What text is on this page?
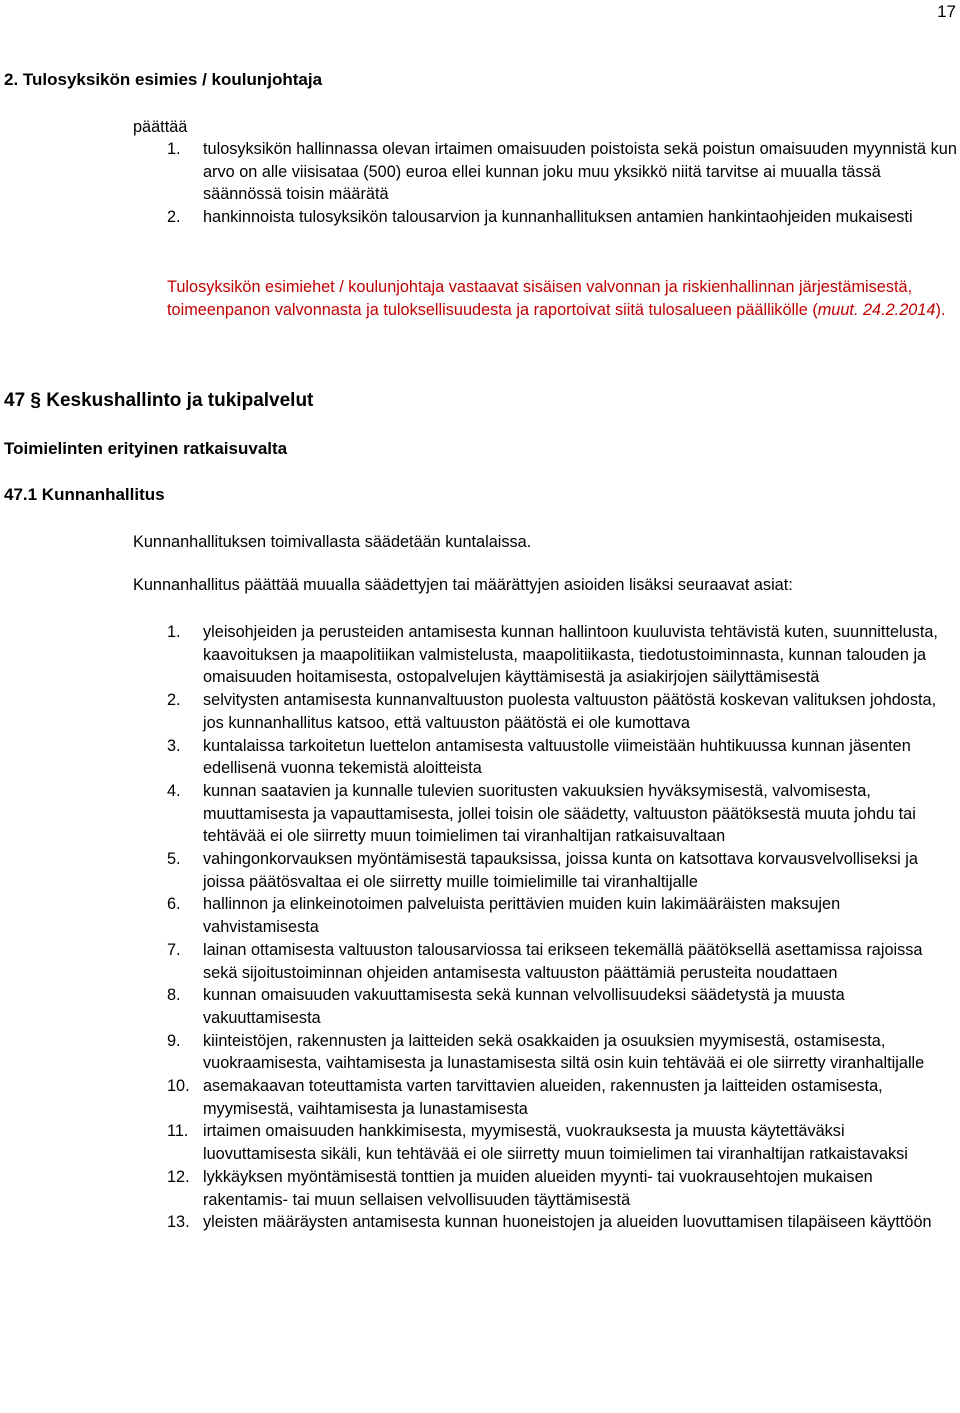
17
2. Tulosyksikön esimies / koulunjohtaja
päättää
1. tulosyksikön hallinnassa olevan irtaimen omaisuuden poistoista sekä poistun omaisuuden myynnistä kun arvo on alle viisisataa (500) euroa ellei kunnan joku muu yksikkö niitä tarvitse ai muualla tässä säännössä toisin määrätä
2. hankinnoista tulosyksikön talousarvion ja kunnanhallituksen antamien hankintaohjeiden mukaisesti
Tulosyksikön esimiehet / koulunjohtaja vastaavat sisäisen valvonnan ja riskienhallinnan järjestämisestä, toimeenpanon valvonnasta ja tuloksellisuudesta ja raportoivat siitä tulosalueen päällikölle (muut. 24.2.2014).
47 § Keskushallinto ja tukipalvelut
Toimielinten erityinen ratkaisuvalta
47.1 Kunnanhallitus
Kunnanhallituksen toimivallasta säädetään kuntalaissa.
Kunnanhallitus päättää muualla säädettyjen tai määrättyjen asioiden lisäksi seuraavat asiat:
1. yleisohjeiden ja perusteiden antamisesta kunnan hallintoon kuuluvista tehtävistä kuten, suunnittelusta, kaavoituksen ja maapolitiikan valmistelusta, maapolitiikasta, tiedotustoiminnasta, kunnan talouden ja omaisuuden hoitamisesta, ostopalvelujen käyttämisestä ja asiakirjojen säilyttämisestä
2. selvitysten antamisesta kunnanvaltuuston puolesta valtuuston päätöstä koskevan valituksen johdosta, jos kunnanhallitus katsoo, että valtuuston päätöstä ei ole kumottava
3. kuntalaissa tarkoitetun luettelon antamisesta valtuustolle viimeistään huhtikuussa kunnan jäsenten edellisenä vuonna tekemistä aloitteista
4. kunnan saatavien ja kunnalle tulevien suoritusten vakuuksien hyväksymisestä, valvomisesta, muuttamisesta ja vapauttamisesta, jollei toisin ole säädetty, valtuuston päätöksestä muuta johdu tai tehtävää ei ole siirretty muun toimielimen tai viranhaltijan ratkaisuvaltaan
5. vahingonkorvauksen myöntämisestä tapauksissa, joissa kunta on katsottava korvausvelvolliseksi ja joissa päätösvaltaa ei ole siirretty muille toimielimille tai viranhaltijalle
6. hallinnon ja elinkeinotoimen palveluista perittävien muiden kuin lakimääräisten maksujen vahvistamisesta
7. lainan ottamisesta valtuuston talousarviossa tai erikseen tekemällä päätöksellä asettamissa rajoissa sekä sijoitustoiminnan ohjeiden antamisesta valtuuston päättämiä perusteita noudattaen
8. kunnan omaisuuden vakuuttamisesta sekä kunnan velvollisuudeksi säädetystä ja muusta vakuuttamisesta
9. kiinteistöjen, rakennusten ja laitteiden sekä osakkaiden ja osuuksien myymisestä, ostamisesta, vuokraamisesta, vaihtamisesta ja lunastamisesta siltä osin kuin tehtävää ei ole siirretty viranhaltijalle
10. asemakaavan toteuttamista varten tarvittavien alueiden, rakennusten ja laitteiden ostamisesta, myymisestä, vaihtamisesta ja lunastamisesta
11. irtaimen omaisuuden hankkimisesta, myymisestä, vuokrauksesta ja muusta käytettäväksi luovuttamisesta sikäli, kun tehtävää ei ole siirretty muun toimielimen tai viranhaltijan ratkaistavaksi
12. lykkäyksen myöntämisestä tonttien ja muiden alueiden myynti- tai vuokrausehtojen mukaisen rakentamis- tai muun sellaisen velvollisuuden täyttämisestä
13. yleisten määräysten antamisesta kunnan huoneistojen ja alueiden luovuttamisen tilapäiseen käyttöön
